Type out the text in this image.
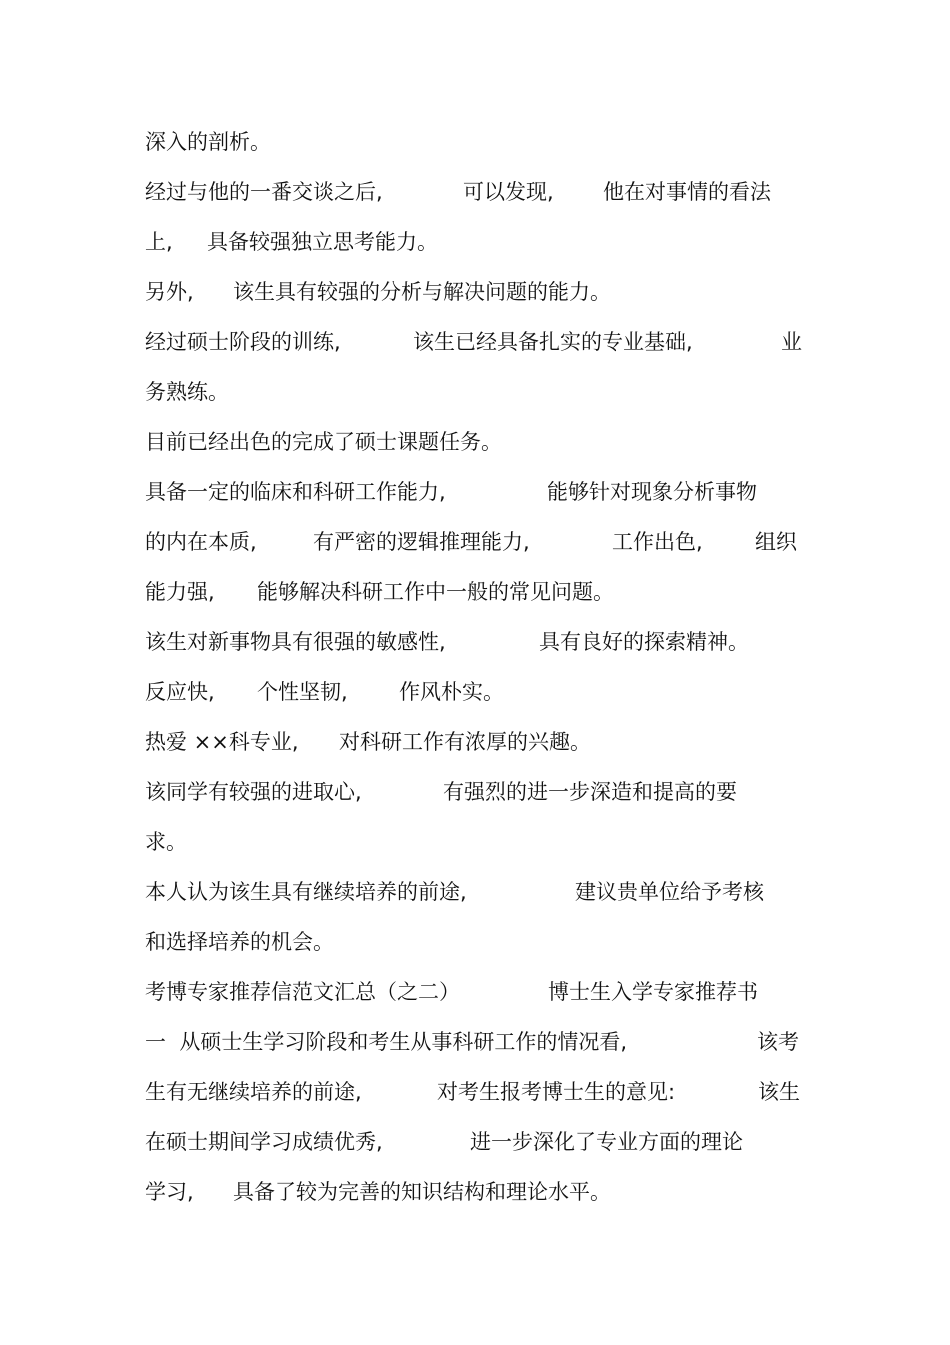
深入的剖析。

经过与他的一番交谈之后,

	可以发现,

他在对事情的看法

上,

具备较强独立思考能力。

另外,

该生具有较强的分析与解决问题的能力。

经过硕士阶段的训练,

	该生已经具备扎实的专业基础,

	业

务熟练。

目前已经出色的完成了硕士课题任务。

具备一定的临床和科研工作能力,

	能够针对现象分析事物

的内在本质,

	有严密的逻辑推理能力,

	工作出色,

组织

能力强,

能够解决科研工作中一般的常见问题。

该生对新事物具有很强的敏感性,

	具有良好的探索精神。

反应快,

个性坚韧,

作风朴实。

热爱 ××科专业,

对科研工作有浓厚的兴趣。

该同学有较强的进取心,

	有强烈的进一步深造和提高的要

求。

本人认为该生具有继续培养的前途,

	建议贵单位给予考核

和选择培养的机会。

考博专家推荐信范文汇总（之二）

	博士生入学专家推荐书

一  从硕士生学习阶段和考生从事科研工作的情况看,

	该考

生有无继续培养的前途,

	对考生报考博士生的意见:

	该生

在硕士期间学习成绩优秀,

	进一步深化了专业方面的理论

学习,

具备了较为完善的知识结构和理论水平。
